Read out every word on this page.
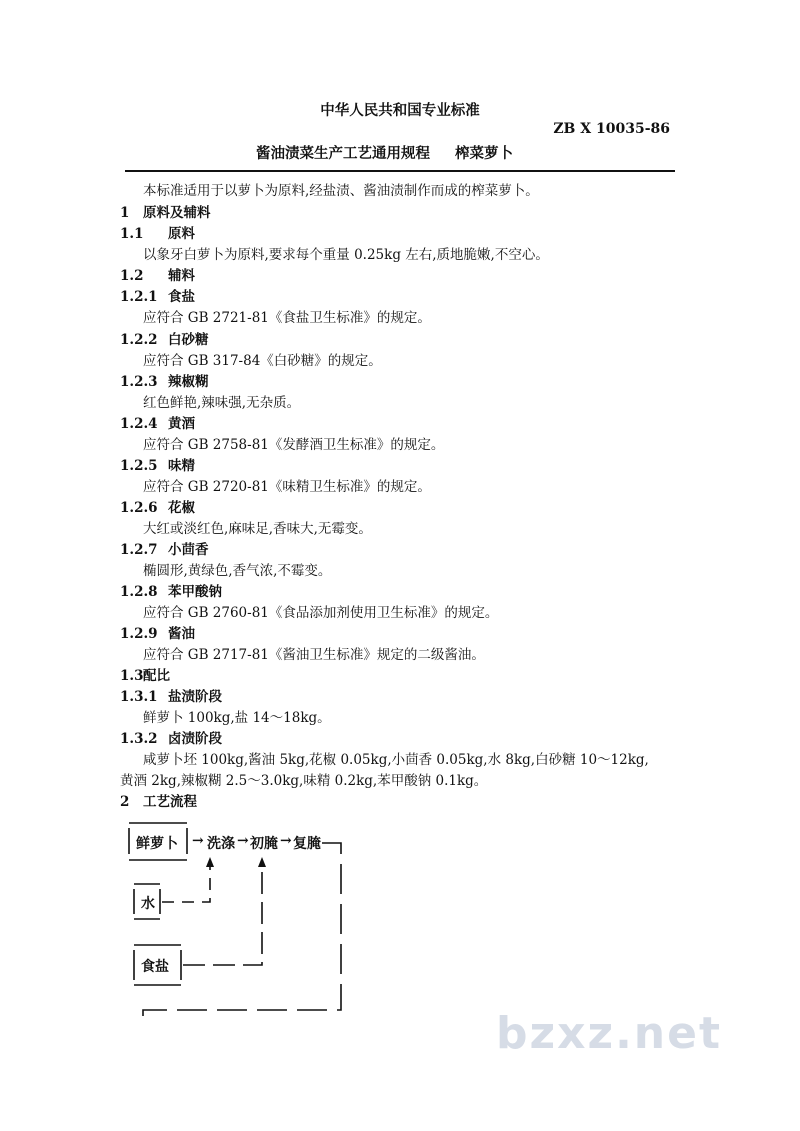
中华人民共和国专业标准
ZB X 10035-86
酱油渍菜生产工艺通用规程 榨菜萝卜
本标准适用于以萝卜为原料,经盐渍、酱油渍制作而成的榨菜萝卜。
1 原料及辅料
1.1 原料
以象牙白萝卜为原料,要求每个重量 0.25kg 左右,质地脆嫩,不空心。
1.2 辅料
1.2.1 食盐
应符合 GB 2721-81《食盐卫生标准》的规定。
1.2.2 白砂糖
应符合 GB 317-84《白砂糖》的规定。
1.2.3 辣椒糊
红色鲜艳,辣味强,无杂质。
1.2.4 黄酒
应符合 GB 2758-81《发酵酒卫生标准》的规定。
1.2.5 味精
应符合 GB 2720-81《味精卫生标准》的规定。
1.2.6 花椒
大红或淡红色,麻味足,香味大,无霉变。
1.2.7 小茴香
椭圆形,黄绿色,香气浓,不霉变。
1.2.8 苯甲酸钠
应符合 GB 2760-81《食品添加剂使用卫生标准》的规定。
1.2.9 酱油
应符合 GB 2717-81《酱油卫生标准》规定的二级酱油。
1.3 配比
1.3.1 盐渍阶段
鲜萝卜 100kg,盐 14～18kg。
1.3.2 卤渍阶段
咸萝卜坯 100kg,酱油 5kg,花椒 0.05kg,小茴香 0.05kg,水 8kg,白砂糖 10～12kg,
黄酒 2kg,辣椒糊 2.5～3.0kg,味精 0.2kg,苯甲酸钠 0.1kg。
2 工艺流程
鲜萝卜 → 洗涤 → 初腌 → 复腌
水
食盐
bzxz.net
